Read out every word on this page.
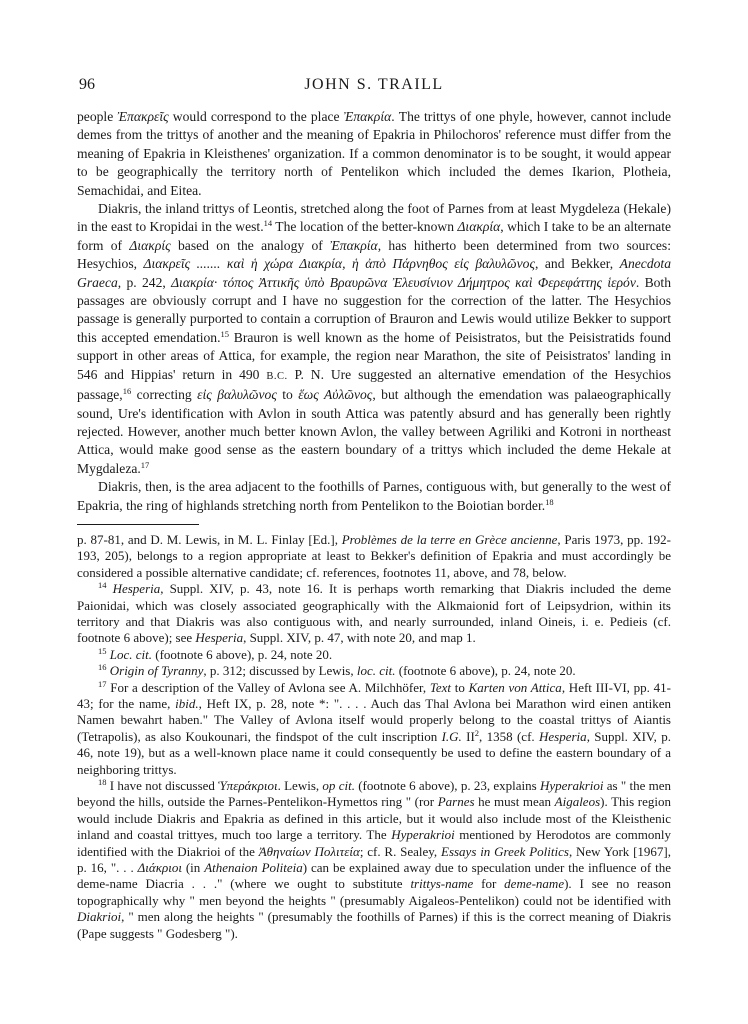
96	JOHN S. TRAILL

people Ἐπακρεῖς would correspond to the place Ἐπακρία. The trittys of one phyle, however, cannot include demes from the trittys of another and the meaning of Epakria in Philochoros' reference must differ from the meaning of Epakria in Kleisthenes' organization. If a common denominator is to be sought, it would appear to be geographically the territory north of Pentelikon which included the demes Ikarion, Plotheia, Semachidai, and Eitea.

Diakris, the inland trittys of Leontis, stretched along the foot of Parnes from at least Mygdeleza (Hekale) in the east to Kropidai in the west.$^{14}$ The location of the better-known Διακρία, which I take to be an alternate form of Διακρίς based on the analogy of Ἐπακρία, has hitherto been determined from two sources: Hesychios, Διακρεῖς ....... καὶ ἡ χώρα Διακρία, ἡ ἀπὸ Πάρνηθος εἰς βαλυλῶνος, and Bekker, Anecdota Graeca, p. 242, Διακρία· τόπος Ἀττικῆς ὑπὸ Βραυρῶνα Ἐλευσίνιον Δήμητρος καὶ Φερεφάττης ἱερόν. Both passages are obviously corrupt and I have no suggestion for the correction of the latter. The Hesychios passage is generally purported to contain a corruption of Brauron and Lewis would utilize Bekker to support this accepted emendation.$^{15}$ Brauron is well known as the home of Peisistratos, but the Peisistratids found support in other areas of Attica, for example, the region near Marathon, the site of Peisistratos' landing in 546 and Hippias' return in 490 B.C. P. N. Ure suggested an alternative emendation of the Hesychios passage,$^{16}$ correcting εἰς βαλυλῶνος to ἕως Αὐλῶνος, but although the emendation was palaeographically sound, Ure's identification with Avlon in south Attica was patently absurd and has generally been rightly rejected. However, another much better known Avlon, the valley between Agriliki and Kotroni in northeast Attica, would make good sense as the eastern boundary of a trittys which included the deme Hekale at Mygdaleza.$^{17}$

Diakris, then, is the area adjacent to the foothills of Parnes, contiguous with, but generally to the west of Epakria, the ring of highlands stretching north from Pentelikon to the Boiotian border.$^{18}$

p. 87-81, and D. M. Lewis, in M. L. Finlay [Ed.], Problèmes de la terre en Grèce ancienne, Paris 1973, pp. 192-193, 205), belongs to a region appropriate at least to Bekker's definition of Epakria and must accordingly be considered a possible alternative candidate; cf. references, footnotes 11, above, and 78, below.

$^{14}$ Hesperia, Suppl. XIV, p. 43, note 16. It is perhaps worth remarking that Diakris included the deme Paionidai, which was closely associated geographically with the Alkmaionid fort of Leipsydrion, within its territory and that Diakris was also contiguous with, and nearly surrounded, inland Oineis, i. e. Pedieis (cf. footnote 6 above); see Hesperia, Suppl. XIV, p. 47, with note 20, and map 1.

$^{15}$ Loc. cit. (footnote 6 above), p. 24, note 20.

$^{16}$ Origin of Tyranny, p. 312; discussed by Lewis, loc. cit. (footnote 6 above), p. 24, note 20.

$^{17}$ For a description of the Valley of Avlona see A. Milchhöfer, Text to Karten von Attica, Heft III-VI, pp. 41-43; for the name, ibid., Heft IX, p. 28, note *: ". . . . Auch das Thal Avlona bei Marathon wird einen antiken Namen bewahrt haben." The Valley of Avlona itself would properly belong to the coastal trittys of Aiantis (Tetrapolis), as also Koukounari, the findspot of the cult inscription I.G. $II^2$, 1358 (cf. Hesperia, Suppl. XIV, p. 46, note 19), but as a well-known place name it could consequently be used to define the eastern boundary of a neighboring trittys.

$^{18}$ I have not discussed Ὑπεράκριοι. Lewis, op cit. (footnote 6 above), p. 23, explains Hyperakrioi as " the men beyond the hills, outside the Parnes-Pentelikon-Hymettos ring " (ror Parnes he must mean Aigaleos). This region would include Diakris and Epakria as defined in this article, but it would also include most of the Kleisthenic inland and coastal trittyes, much too large a territory. The Hyperakrioi mentioned by Herodotos are commonly identified with the Diakrioi of the Ἀθηναίων Πολιτεία; cf. R. Sealey, Essays in Greek Politics, New York [1967], p. 16, ". . . Διάκριοι (in Athenaion Politeia) can be explained away due to speculation under the influence of the deme-name Diacria . . ." (where we ought to substitute trittys-name for deme-name). I see no reason topographically why " men beyond the heights " (presumably Aigaleos-Pentelikon) could not be identified with Diakrioi, " men along the heights " (presumably the foothills of Parnes) if this is the correct meaning of Diakris (Pape suggests " Godesberg ").
